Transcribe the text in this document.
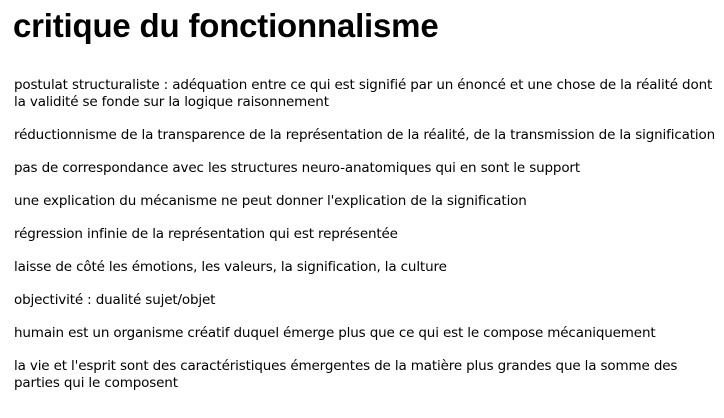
critique du fonctionnalisme
postulat structuraliste : adéquation entre ce qui est signifié par un énoncé et une chose de la réalité dont la validité se fonde sur la logique raisonnement
réductionnisme de la transparence de la représentation de la réalité, de la transmission de la signification
pas de correspondance avec les structures neuro-anatomiques qui en sont le support
une explication du mécanisme ne peut donner l'explication de la signification
régression infinie de la représentation qui est représentée
laisse de côté les émotions, les valeurs, la signification, la culture
objectivité : dualité sujet/objet
humain est un organisme créatif duquel émerge plus que ce qui est le compose mécaniquement
la vie et l'esprit sont des caractéristiques émergentes de la matière plus grandes que la somme des parties qui le composent
